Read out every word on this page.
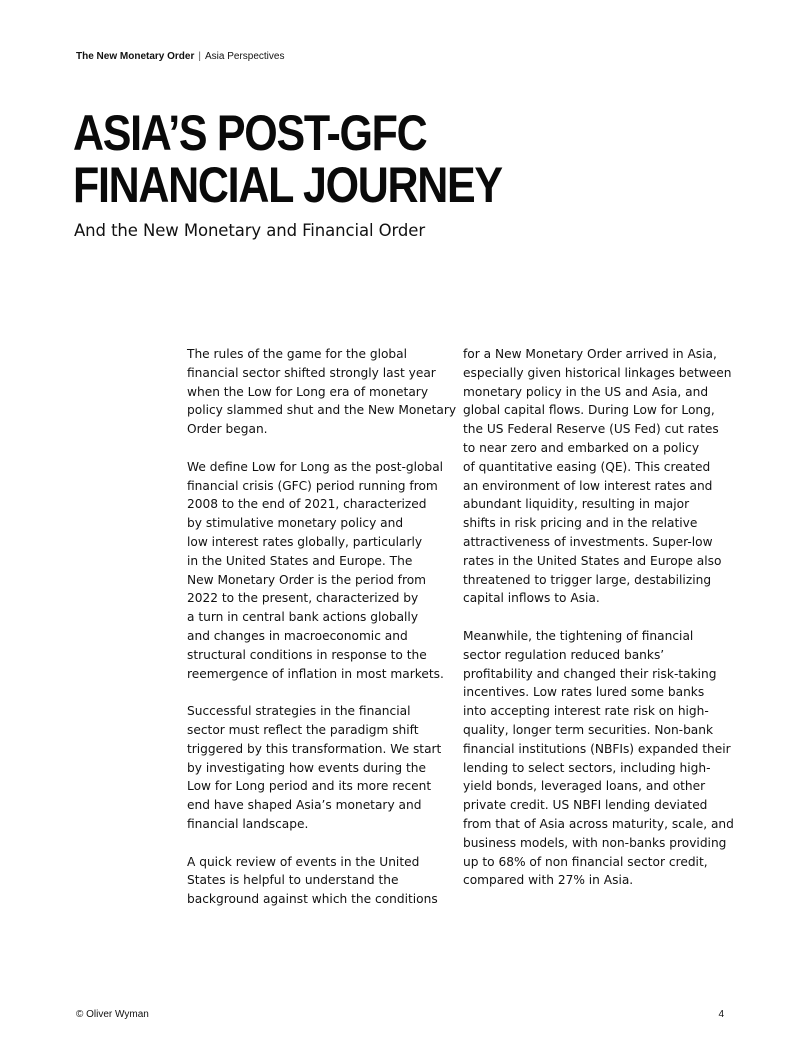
The New Monetary Order | Asia Perspectives
ASIA’S POST-GFC
FINANCIAL JOURNEY
And the New Monetary and Financial Order
The rules of the game for the global
financial sector shifted strongly last year
when the Low for Long era of monetary
policy slammed shut and the New Monetary
Order began.
We define Low for Long as the post-global
financial crisis (GFC) period running from
2008 to the end of 2021, characterized
by stimulative monetary policy and
low interest rates globally, particularly
in the United States and Europe. The
New Monetary Order is the period from
2022 to the present, characterized by
a turn in central bank actions globally
and changes in macroeconomic and
structural conditions in response to the
reemergence of inflation in most markets.
Successful strategies in the financial
sector must reflect the paradigm shift
triggered by this transformation. We start
by investigating how events during the
Low for Long period and its more recent
end have shaped Asia’s monetary and
financial landscape.
A quick review of events in the United
States is helpful to understand the
background against which the conditions
for a New Monetary Order arrived in Asia,
especially given historical linkages between
monetary policy in the US and Asia, and
global capital flows. During Low for Long,
the US Federal Reserve (US Fed) cut rates
to near zero and embarked on a policy
of quantitative easing (QE). This created
an environment of low interest rates and
abundant liquidity, resulting in major
shifts in risk pricing and in the relative
attractiveness of investments. Super-low
rates in the United States and Europe also
threatened to trigger large, destabilizing
capital inflows to Asia.
Meanwhile, the tightening of financial
sector regulation reduced banks’
profitability and changed their risk-taking
incentives. Low rates lured some banks
into accepting interest rate risk on high-
quality, longer term securities. Non-bank
financial institutions (NBFIs) expanded their
lending to select sectors, including high-
yield bonds, leveraged loans, and other
private credit. US NBFI lending deviated
from that of Asia across maturity, scale, and
business models, with non-banks providing
up to 68% of non financial sector credit,
compared with 27% in Asia.
© Oliver Wyman	4
